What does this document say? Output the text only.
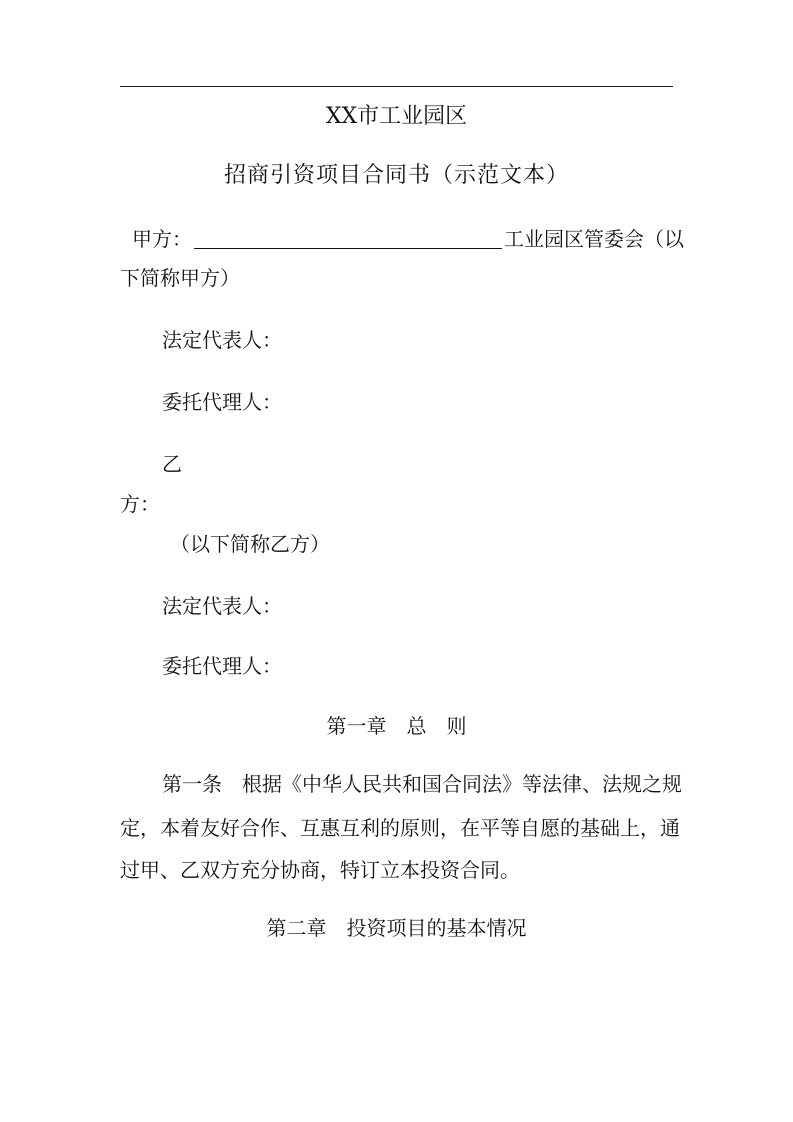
XX市工业园区
招商引资项目合同书（示范文本）
甲方：	工业园区管委会（以
下简称甲方）
法定代表人：
委托代理人：
乙
方：
（以下简称乙方）
法定代表人：
委托代理人：
第一章　总　则
第一条　根据《中华人民共和国合同法》等法律、法规之规
定，本着友好合作、互惠互利的原则，在平等自愿的基础上，通
过甲、乙双方充分协商，特订立本投资合同。
第二章　投资项目的基本情况
